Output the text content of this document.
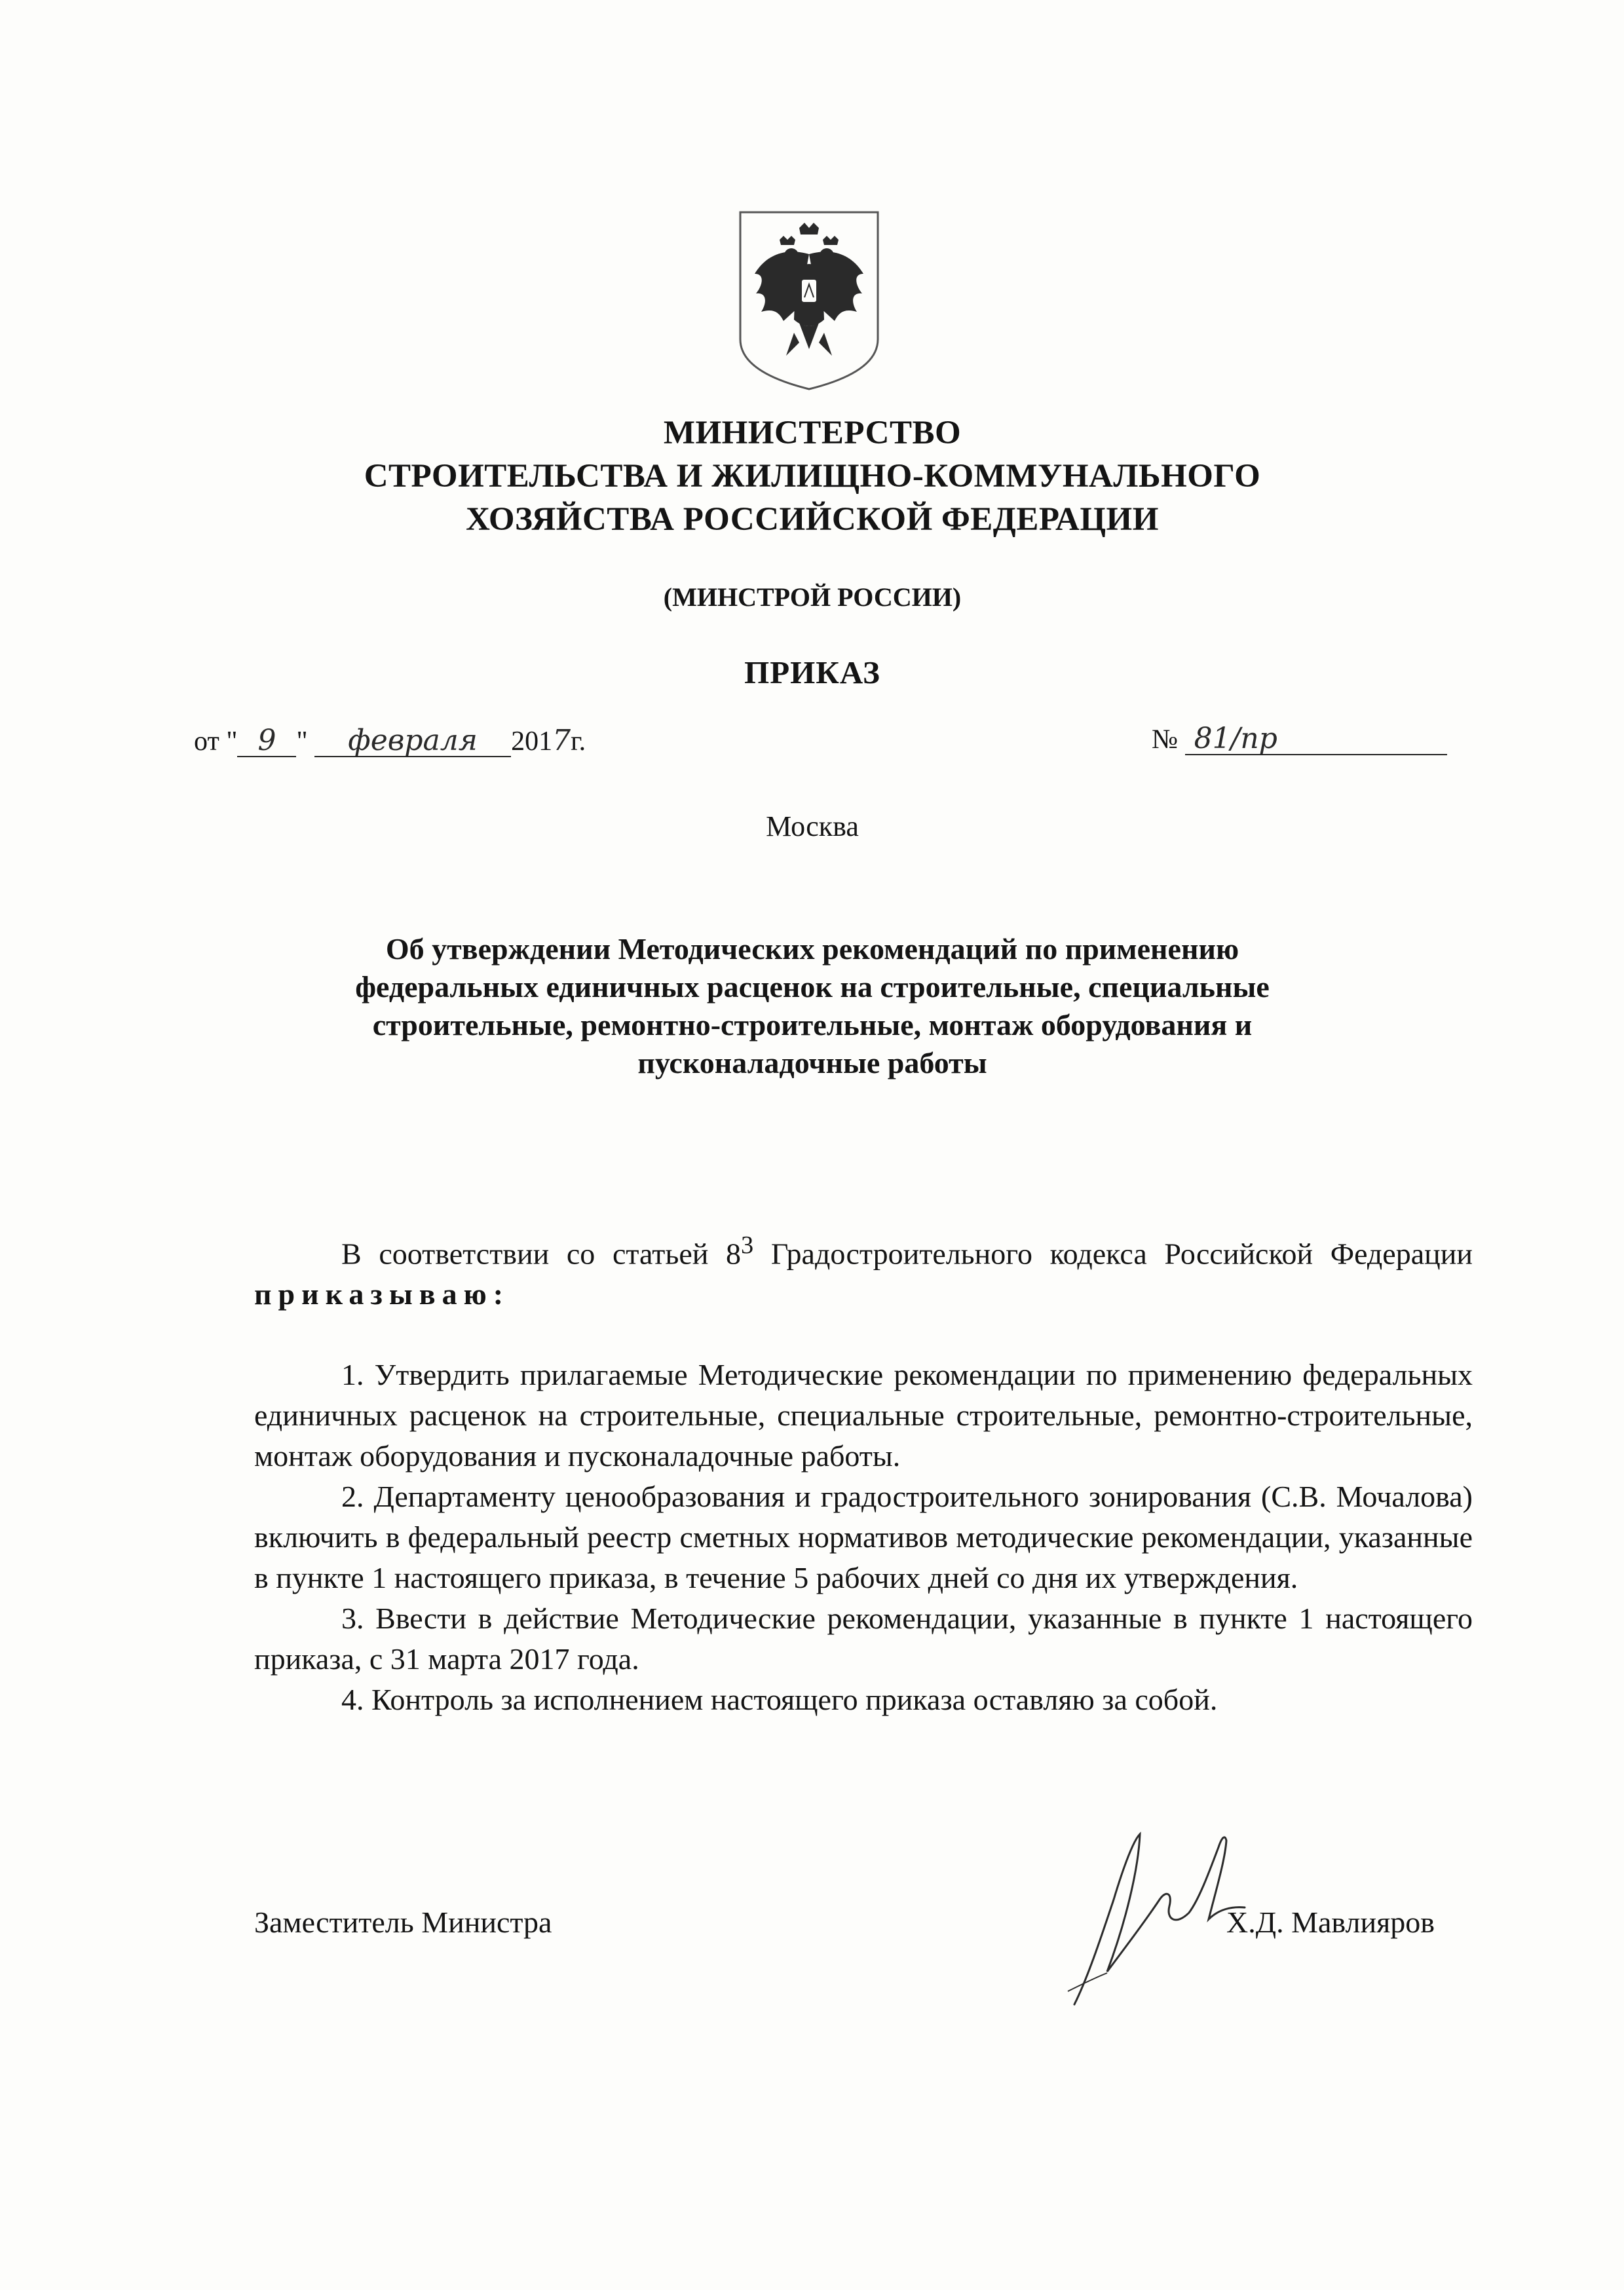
МИНИСТЕРСТВО
СТРОИТЕЛЬСТВА И ЖИЛИЩНО-КОММУНАЛЬНОГО
ХОЗЯЙСТВА РОССИЙСКОЙ ФЕДЕРАЦИИ
(МИНСТРОЙ РОССИИ)
ПРИКАЗ
от " 9 " февраля 2017г.	№ 81/пр
Москва
Об утверждении Методических рекомендаций по применению
федеральных единичных расценок на строительные, специальные
строительные, ремонтно-строительные, монтаж оборудования и
пусконаладочные работы

В соответствии со статьей $8^3$ Градостроительного кодекса Российской Федерации приказываю:

1. Утвердить прилагаемые Методические рекомендации по применению федеральных единичных расценок на строительные, специальные строительные, ремонтно-строительные, монтаж оборудования и пусконаладочные работы.

2. Департаменту ценообразования и градостроительного зонирования (С.В. Мочалова) включить в федеральный реестр сметных нормативов методические рекомендации, указанные в пункте 1 настоящего приказа, в течение 5 рабочих дней со дня их утверждения.

3. Ввести в действие Методические рекомендации, указанные в пункте 1 настоящего приказа, с 31 марта 2017 года.

4. Контроль за исполнением настоящего приказа оставляю за собой.

Заместитель Министра	Х.Д. Мавлияров
